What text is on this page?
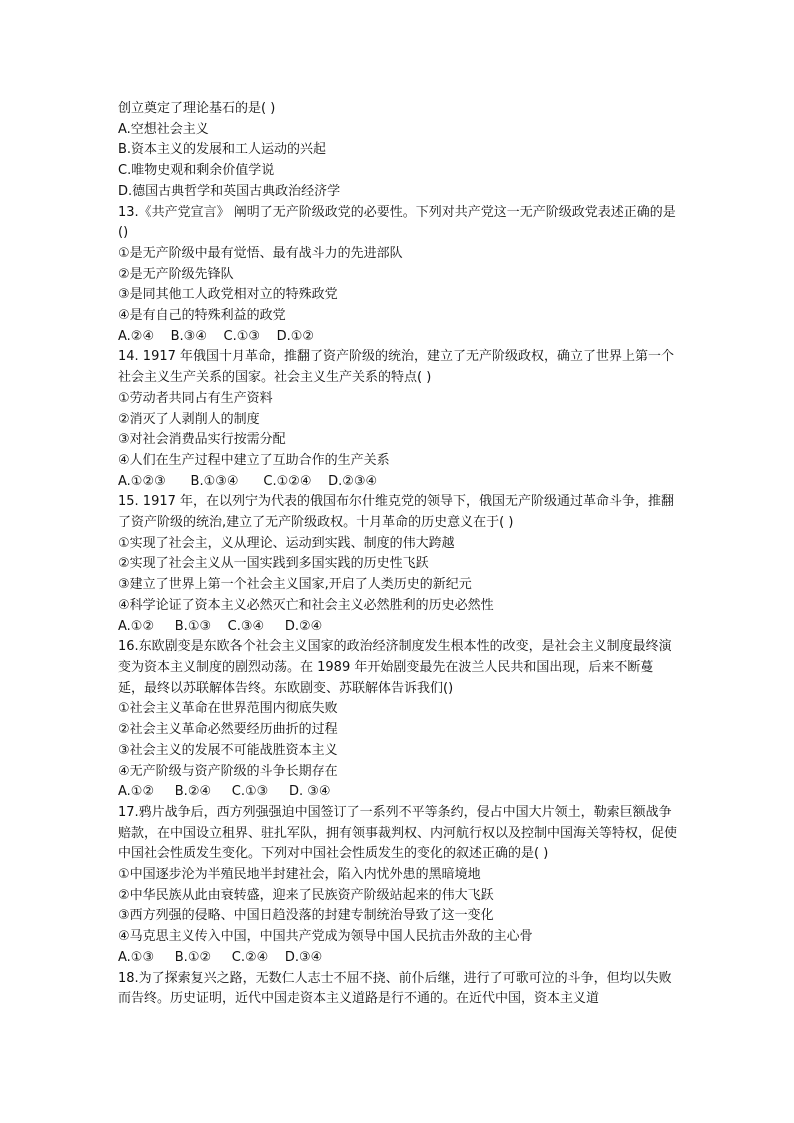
创立奠定了理论基石的是( )
A.空想社会主义
B.资本主义的发展和工人运动的兴起
C.唯物史观和剩余价值学说
D.德国古典哲学和英国古典政治经济学
13.《共产党宣言》 阐明了无产阶级政党的必要性。下列对共产党这一无产阶级政党表述正确的是()
①是无产阶级中最有觉悟、最有战斗力的先进部队
②是无产阶级先锋队
③是同其他工人政党相对立的特殊政党
④是有自己的特殊利益的政党
A.②④    B.③④    C.①③    D.①②
14. 1917 年俄国十月革命，推翻了资产阶级的统治，建立了无产阶级政权，确立了世界上第一个社会主义生产关系的国家。社会主义生产关系的特点( )
①劳动者共同占有生产资料
②消灭了人剥削人的制度
③对社会消费品实行按需分配
④人们在生产过程中建立了互助合作的生产关系
A.①②③      B.①③④      C.①②④    D.②③④
15. 1917 年，在以列宁为代表的俄国布尔什维克党的领导下，俄国无产阶级通过革命斗争，推翻了资产阶级的统治,建立了无产阶级政权。十月革命的历史意义在于( )
①实现了社会主，义从理论、运动到实践、制度的伟大跨越
②实现了社会主义从一国实践到多国实践的历史性飞跃
③建立了世界上第一个社会主义国家,开启了人类历史的新纪元
④科学论证了资本主义必然灭亡和社会主义必然胜利的历史必然性
A.①②     B.①③    C.③④     D.②④
16.东欧剧变是东欧各个社会主义国家的政治经济制度发生根本性的改变，是社会主义制度最终演变为资本主义制度的剧烈动荡。在 1989 年开始剧变最先在波兰人民共和国出现，后来不断蔓延，最终以苏联解体告终。东欧剧变、苏联解体告诉我们()
①社会主义革命在世界范围内彻底失败
②社会主义革命必然要经历曲折的过程
③社会主义的发展不可能战胜资本主义
④无产阶级与资产阶级的斗争长期存在
A.①②     B.②④     C.①③     D. ③④
17.鸦片战争后，西方列强强迫中国签订了一系列不平等条约，侵占中国大片领土，勒索巨额战争赔款，在中国设立租界、驻扎军队，拥有领事裁判权、内河航行权以及控制中国海关等特权，促使中国社会性质发生变化。下列对中国社会性质发生的变化的叙述正确的是( )
①中国逐步沦为半殖民地半封建社会，陷入内忧外患的黑暗境地
②中华民族从此由衰转盛，迎来了民族资产阶级站起来的伟大飞跃
③西方列强的侵略、中国日趋没落的封建专制统治导致了这一变化
④马克思主义传入中国，中国共产党成为领导中国人民抗击外敌的主心骨
A.①③     B.①②     C.②④    D.③④
18.为了探索复兴之路，无数仁人志士不屈不挠、前仆后继，进行了可歌可泣的斗争，但均以失败而告终。历史证明，近代中国走资本主义道路是行不通的。在近代中国，资本主义道
